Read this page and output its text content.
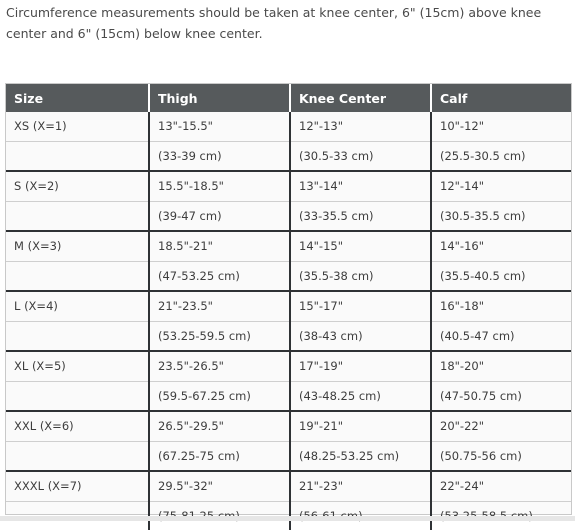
Circumference measurements should be taken at knee center, 6" (15cm) above knee center and 6" (15cm) below knee center.
Size	Thigh	Knee Center	Calf
XS (X=1)	13"-15.5"	12"-13"	10"-12"
	(33-39 cm)	(30.5-33 cm)	(25.5-30.5 cm)
S (X=2)	15.5"-18.5"	13"-14"	12"-14"
	(39-47 cm)	(33-35.5 cm)	(30.5-35.5 cm)
M (X=3)	18.5"-21"	14"-15"	14"-16"
	(47-53.25 cm)	(35.5-38 cm)	(35.5-40.5 cm)
L (X=4)	21"-23.5"	15"-17"	16"-18"
	(53.25-59.5 cm)	(38-43 cm)	(40.5-47 cm)
XL (X=5)	23.5"-26.5"	17"-19"	18"-20"
	(59.5-67.25 cm)	(43-48.25 cm)	(47-50.75 cm)
XXL (X=6)	26.5"-29.5"	19"-21"	20"-22"
	(67.25-75 cm)	(48.25-53.25 cm)	(50.75-56 cm)
XXXL (X=7)	29.5"-32"	21"-23"	22"-24"
